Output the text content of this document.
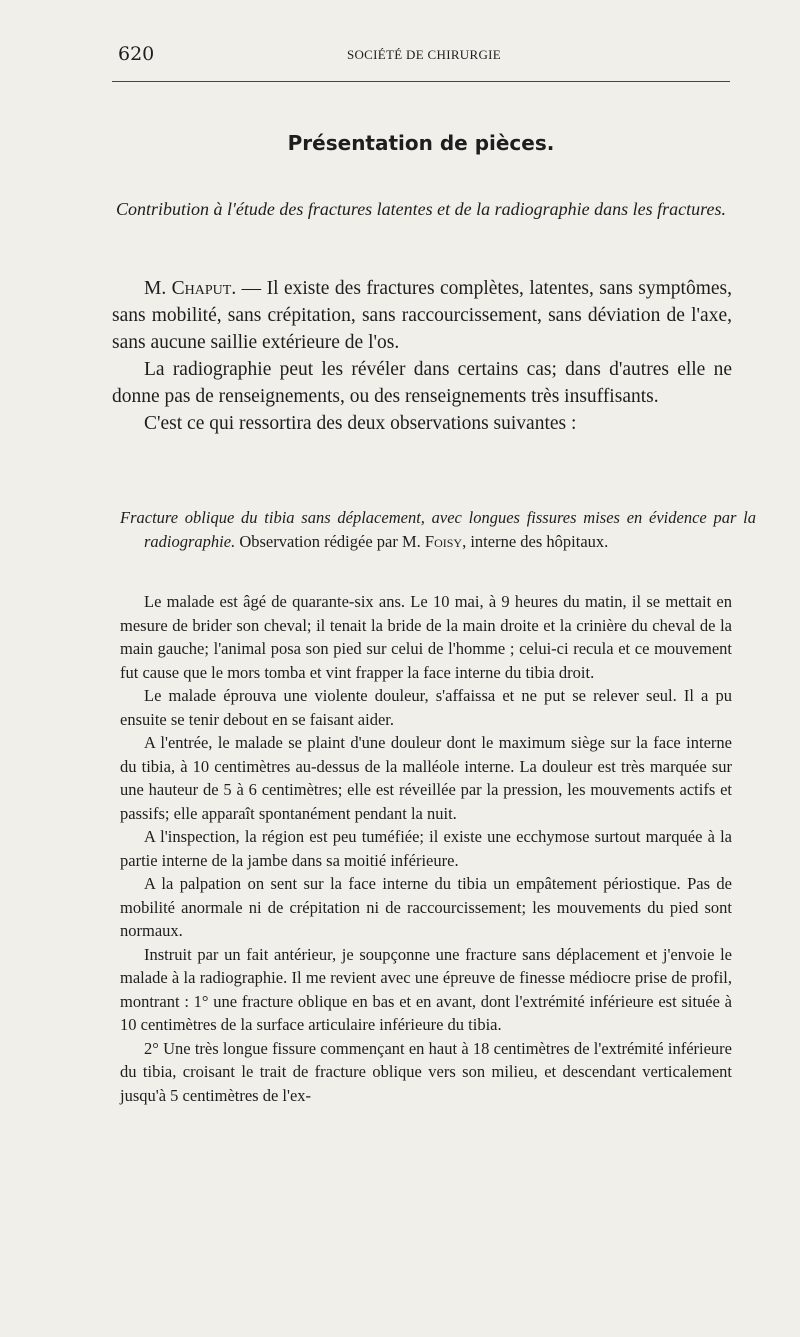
620	SOCIÉTÉ DE CHIRURGIE
Présentation de pièces.
Contribution à l'étude des fractures latentes et de la radiographie dans les fractures.

M. Chaput. — Il existe des fractures complètes, latentes, sans symptômes, sans mobilité, sans crépitation, sans raccourcissement, sans déviation de l'axe, sans aucune saillie extérieure de l'os.

La radiographie peut les révéler dans certains cas; dans d'autres elle ne donne pas de renseignements, ou des renseignements très insuffisants.

C'est ce qui ressortira des deux observations suivantes :

Fracture oblique du tibia sans déplacement, avec longues fissures mises en évidence par la radiographie. Observation rédigée par M. Foisy, interne des hôpitaux.

Le malade est âgé de quarante-six ans. Le 10 mai, à 9 heures du matin, il se mettait en mesure de brider son cheval; il tenait la bride de la main droite et la crinière du cheval de la main gauche; l'animal posa son pied sur celui de l'homme ; celui-ci recula et ce mouvement fut cause que le mors tomba et vint frapper la face interne du tibia droit.

Le malade éprouva une violente douleur, s'affaissa et ne put se relever seul. Il a pu ensuite se tenir debout en se faisant aider.

A l'entrée, le malade se plaint d'une douleur dont le maximum siège sur la face interne du tibia, à 10 centimètres au-dessus de la malléole interne. La douleur est très marquée sur une hauteur de 5 à 6 centimètres; elle est réveillée par la pression, les mouvements actifs et passifs; elle apparaît spontanément pendant la nuit.

A l'inspection, la région est peu tuméfiée; il existe une ecchymose surtout marquée à la partie interne de la jambe dans sa moitié inférieure.

A la palpation on sent sur la face interne du tibia un empâtement périostique. Pas de mobilité anormale ni de crépitation ni de raccourcissement; les mouvements du pied sont normaux.

Instruit par un fait antérieur, je soupçonne une fracture sans déplacement et j'envoie le malade à la radiographie. Il me revient avec une épreuve de finesse médiocre prise de profil, montrant : 1° une fracture oblique en bas et en avant, dont l'extrémité inférieure est située à 10 centimètres de la surface articulaire inférieure du tibia.

2° Une très longue fissure commençant en haut à 18 centimètres de l'extrémité inférieure du tibia, croisant le trait de fracture oblique vers son milieu, et descendant verticalement jusqu'à 5 centimètres de l'ex-
